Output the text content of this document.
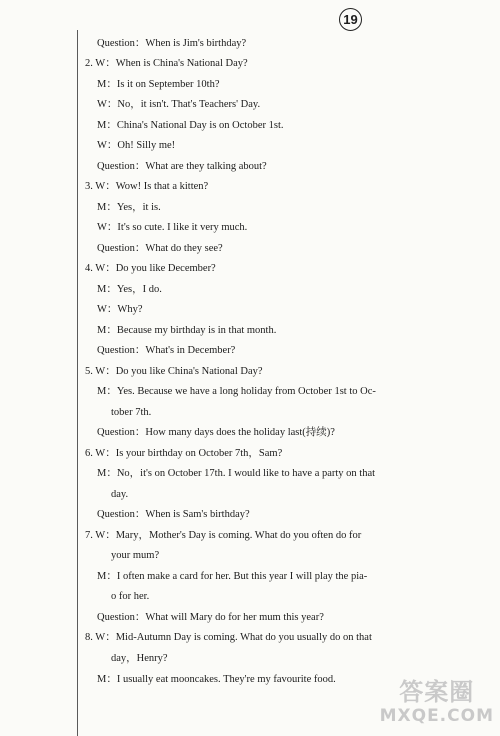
19
Question：When is Jim's birthday?
2. W：When is China's National Day?
M：Is it on September 10th?
W：No，it isn't. That's Teachers' Day.
M：China's National Day is on October 1st.
W：Oh! Silly me!
Question：What are they talking about?
3. W：Wow! Is that a kitten?
M：Yes，it is.
W：It's so cute. I like it very much.
Question：What do they see?
4. W：Do you like December?
M：Yes，I do.
W：Why?
M：Because my birthday is in that month.
Question：What's in December?
5. W：Do you like China's National Day?
M：Yes. Because we have a long holiday from October 1st to Oc-
tober 7th.
Question：How many days does the holiday last(持续)?
6. W：Is your birthday on October 7th，Sam?
M：No，it's on October 17th. I would like to have a party on that
day.
Question：When is Sam's birthday?
7. W：Mary，Mother's Day is coming. What do you often do for
your mum?
M：I often make a card for her. But this year I will play the pia-
o for her.
Question：What will Mary do for her mum this year?
8. W：Mid-Autumn Day is coming. What do you usually do on that
day，Henry?
M：I usually eat mooncakes. They're my favourite food.	答案圈
MXQE.COM
